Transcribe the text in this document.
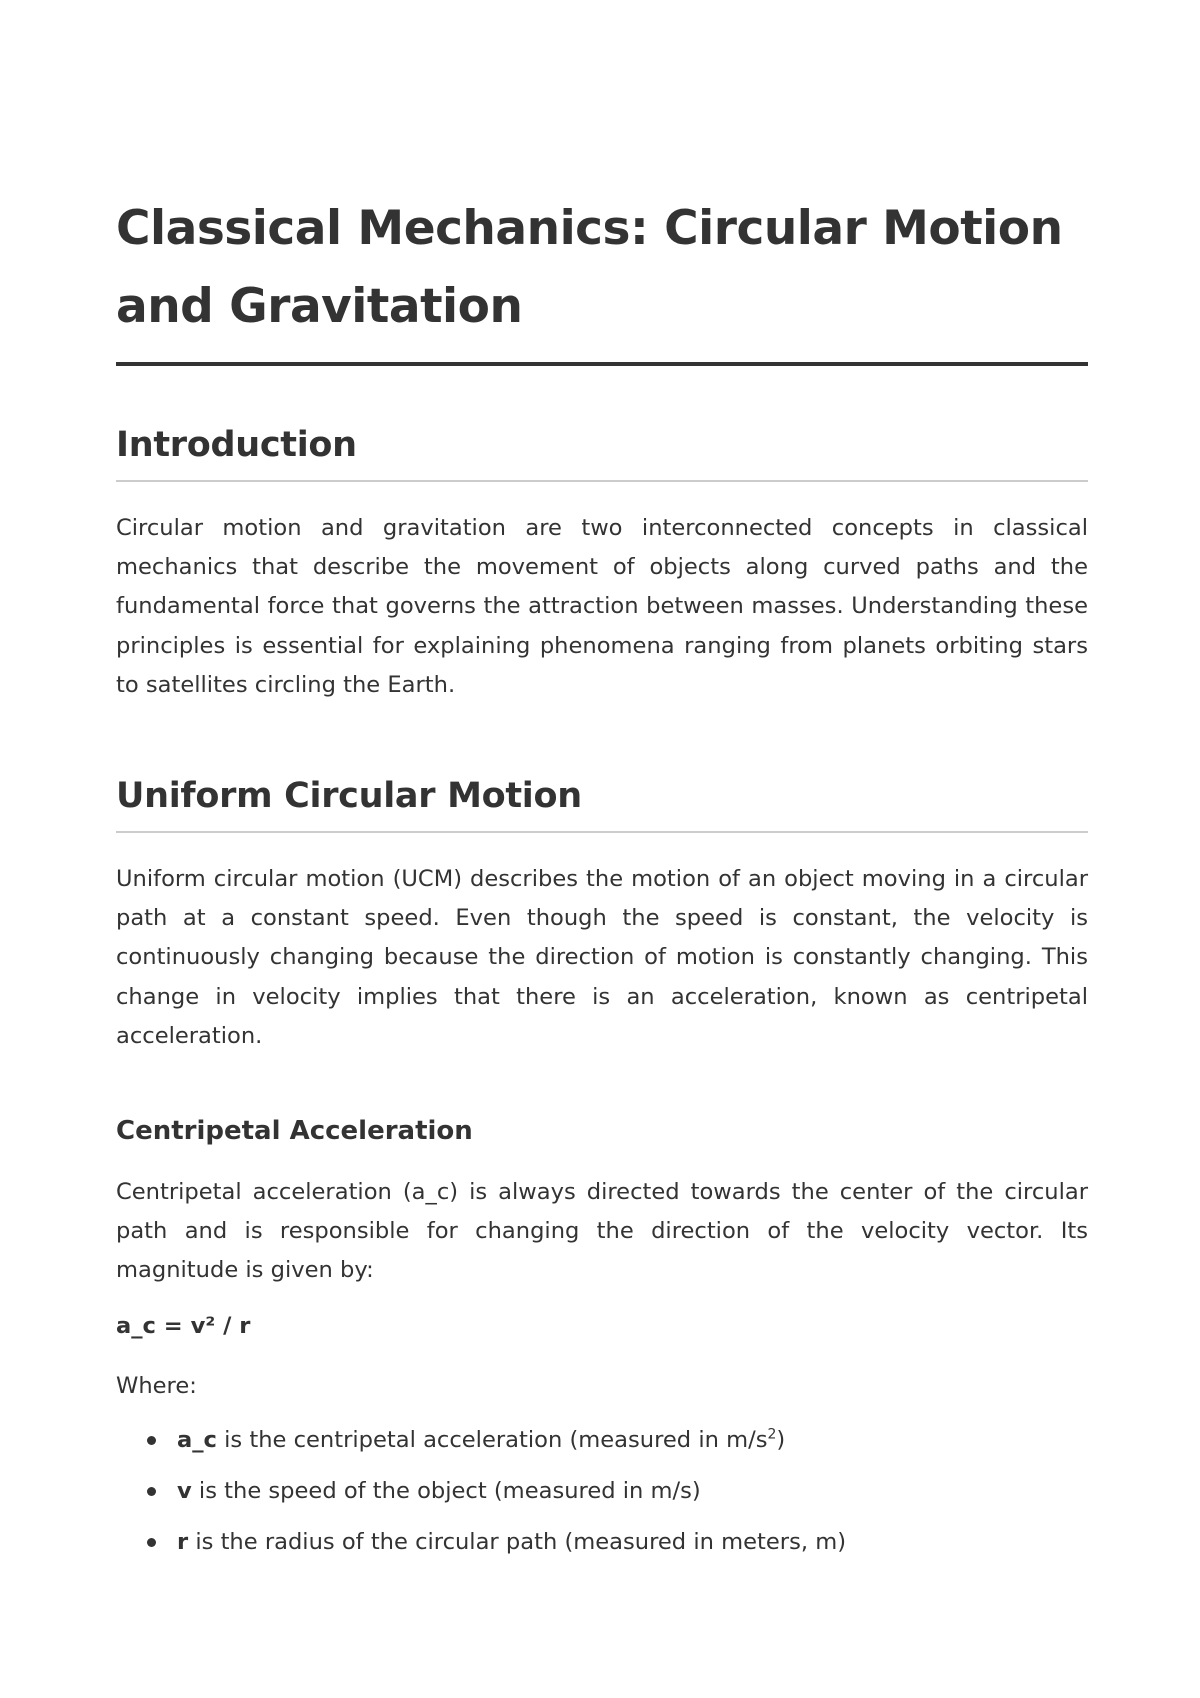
Classical Mechanics: Circular Motion and Gravitation
Introduction

Circular motion and gravitation are two interconnected concepts in classical mechanics that describe the movement of objects along curved paths and the fundamental force that governs the attraction between masses. Understanding these principles is essential for explaining phenomena ranging from planets orbiting stars to satellites circling the Earth.

Uniform Circular Motion

Uniform circular motion (UCM) describes the motion of an object moving in a circular path at a constant speed. Even though the speed is constant, the velocity is continuously changing because the direction of motion is constantly changing. This change in velocity implies that there is an acceleration, known as centripetal acceleration.

Centripetal Acceleration

Centripetal acceleration (a_c) is always directed towards the center of the circular path and is responsible for changing the direction of the velocity vector. Its magnitude is given by:

a_c = v² / r

Where:

a_c is the centripetal acceleration (measured in $m/s^2$)
v is the speed of the object (measured in m/s)
r is the radius of the circular path (measured in meters, m)
